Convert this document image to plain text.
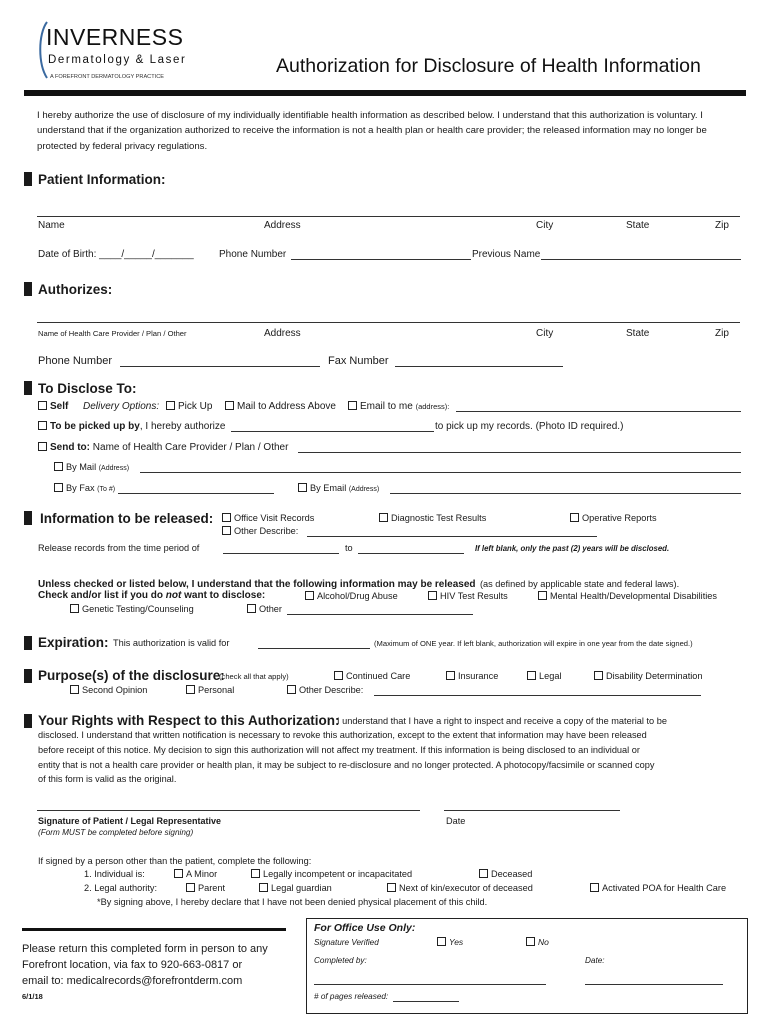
INVERNESS
Dermatology & Laser
A FOREFRONT DERMATOLOGY PRACTICE	Authorization for Disclosure of Health Information
I hereby authorize the use of disclosure of my individually identifiable health information as described below. I understand that this authorization is voluntary. I understand that if the organization authorized to receive the information is not a health plan or health care provider; the released information may no longer be protected by federal privacy regulations.
Patient Information:
Name	Address	City	State	Zip
Date of Birth: ____/_____/_______	Phone Number	Previous Name
Authorizes:
Name of Health Care Provider / Plan / Other	Address	City	State	Zip
Phone Number	Fax Number
To Disclose To:
Self Delivery Options:	Pick Up	Mail to Address Above	Email to me (address):
To be picked up by, I hereby authorize	to pick up my records. (Photo ID required.)
Send to: Name of Health Care Provider / Plan / Other
By Mail (Address)
By Fax (To #)	By Email (Address)
Information to be released:	Office Visit Records	Diagnostic Test Results	Operative Reports
Other Describe:
Release records from the time period of	to	If left blank, only the past (2) years will be disclosed.
Unless checked or listed below, I understand that the following information may be released (as defined by applicable state and federal laws).
Check and/or list if you do not want to disclose:	Alcohol/Drug Abuse	HIV Test Results	Mental Health/Developmental Disabilities
Genetic Testing/Counseling	Other
Expiration: This authorization is valid for	(Maximum of ONE year. If left blank, authorization will expire in one year from the date signed.)
Purpose(s) of the disclosure:
(check all that apply)	Continued Care	Insurance	Legal	Disability Determination
Second Opinion	Personal	Other Describe:
Your Rights with Respect to this Authorization:
I understand that I have a right to inspect and receive a copy of the material to be
disclosed. I understand that written notification is necessary to revoke this authorization, except to the extent that information may have been released
before receipt of this notice. My decision to sign this authorization will not affect my treatment. If this information is being disclosed to an individual or
entity that is not a health care provider or health plan, it may be subject to re-disclosure and no longer protected. A photocopy/facsimile or scanned copy
of this form is valid as the original.
Signature of Patient / Legal Representative
(Form MUST be completed before signing)
Date
If signed by a person other than the patient, complete the following:
1. Individual is:	A Minor	Legally incompetent or incapacitated	Deceased
2. Legal authority:	Parent	Legal guardian	Next of kin/executor of deceased	Activated POA for Health Care
*By signing above, I hereby declare that I have not been denied physical placement of this child.
Please return this completed form in person to any
Forefront location, via fax to 920-663-0817 or
email to: medicalrecords@forefrontderm.com
6/1/18
For Office Use Only:
Signature Verified	Yes	No
Completed by:	Date:
# of pages released:
